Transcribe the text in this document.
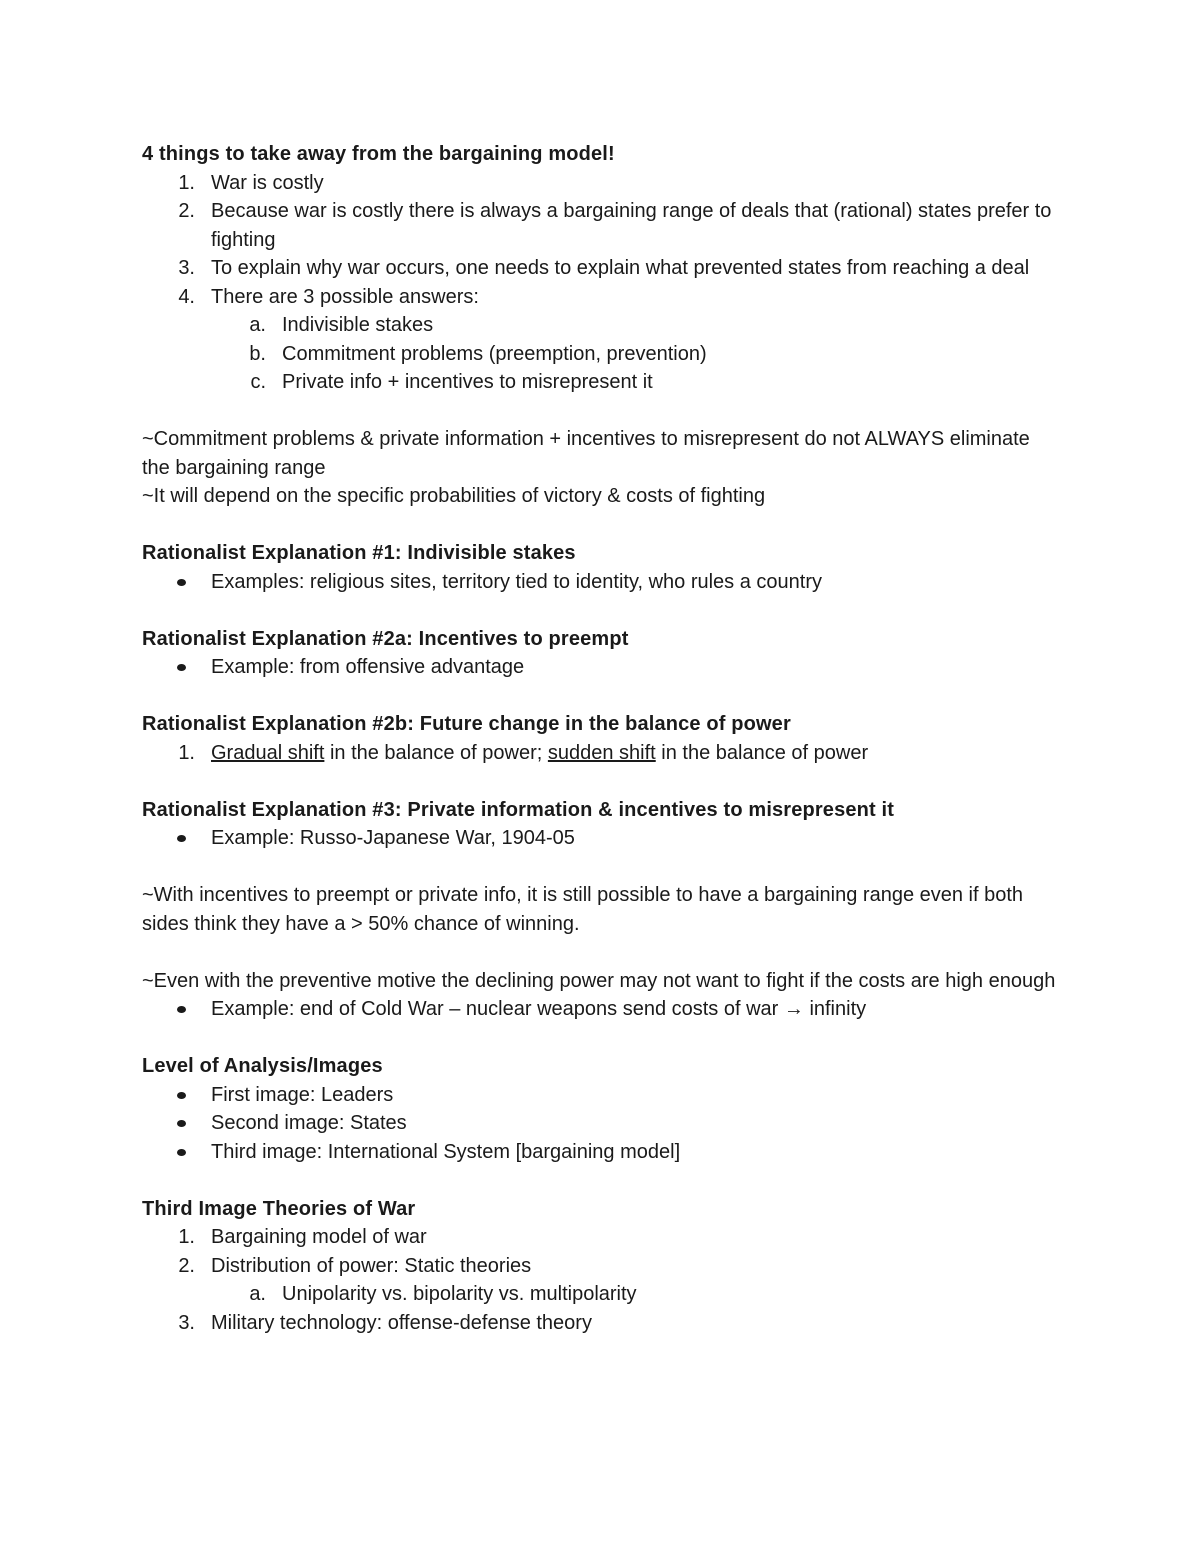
4 things to take away from the bargaining model!

1. War is costly
2. Because war is costly there is always a bargaining range of deals that (rational) states prefer to fighting
3. To explain why war occurs, one needs to explain what prevented states from reaching a deal
4. There are 3 possible answers:
a. Indivisible stakes
b. Commitment problems (preemption, prevention)
c. Private info + incentives to misrepresent it

~Commitment problems & private information + incentives to misrepresent do not ALWAYS eliminate the bargaining range

~It will depend on the specific probabilities of victory & costs of fighting

Rationalist Explanation #1: Indivisible stakes

Examples: religious sites, territory tied to identity, who rules a country

Rationalist Explanation #2a: Incentives to preempt

Example: from offensive advantage

Rationalist Explanation #2b: Future change in the balance of power

1. Gradual shift in the balance of power; sudden shift in the balance of power

Rationalist Explanation #3: Private information & incentives to misrepresent it

Example: Russo-Japanese War, 1904-05

~With incentives to preempt or private info, it is still possible to have a bargaining range even if both sides think they have a > 50% chance of winning.

~Even with the preventive motive the declining power may not want to fight if the costs are high enough

Example: end of Cold War – nuclear weapons send costs of war → infinity

Level of Analysis/Images

First image: Leaders
Second image: States
Third image: International System [bargaining model]

Third Image Theories of War

1. Bargaining model of war
2. Distribution of power: Static theories
a. Unipolarity vs. bipolarity vs. multipolarity
3. Military technology: offense-defense theory
